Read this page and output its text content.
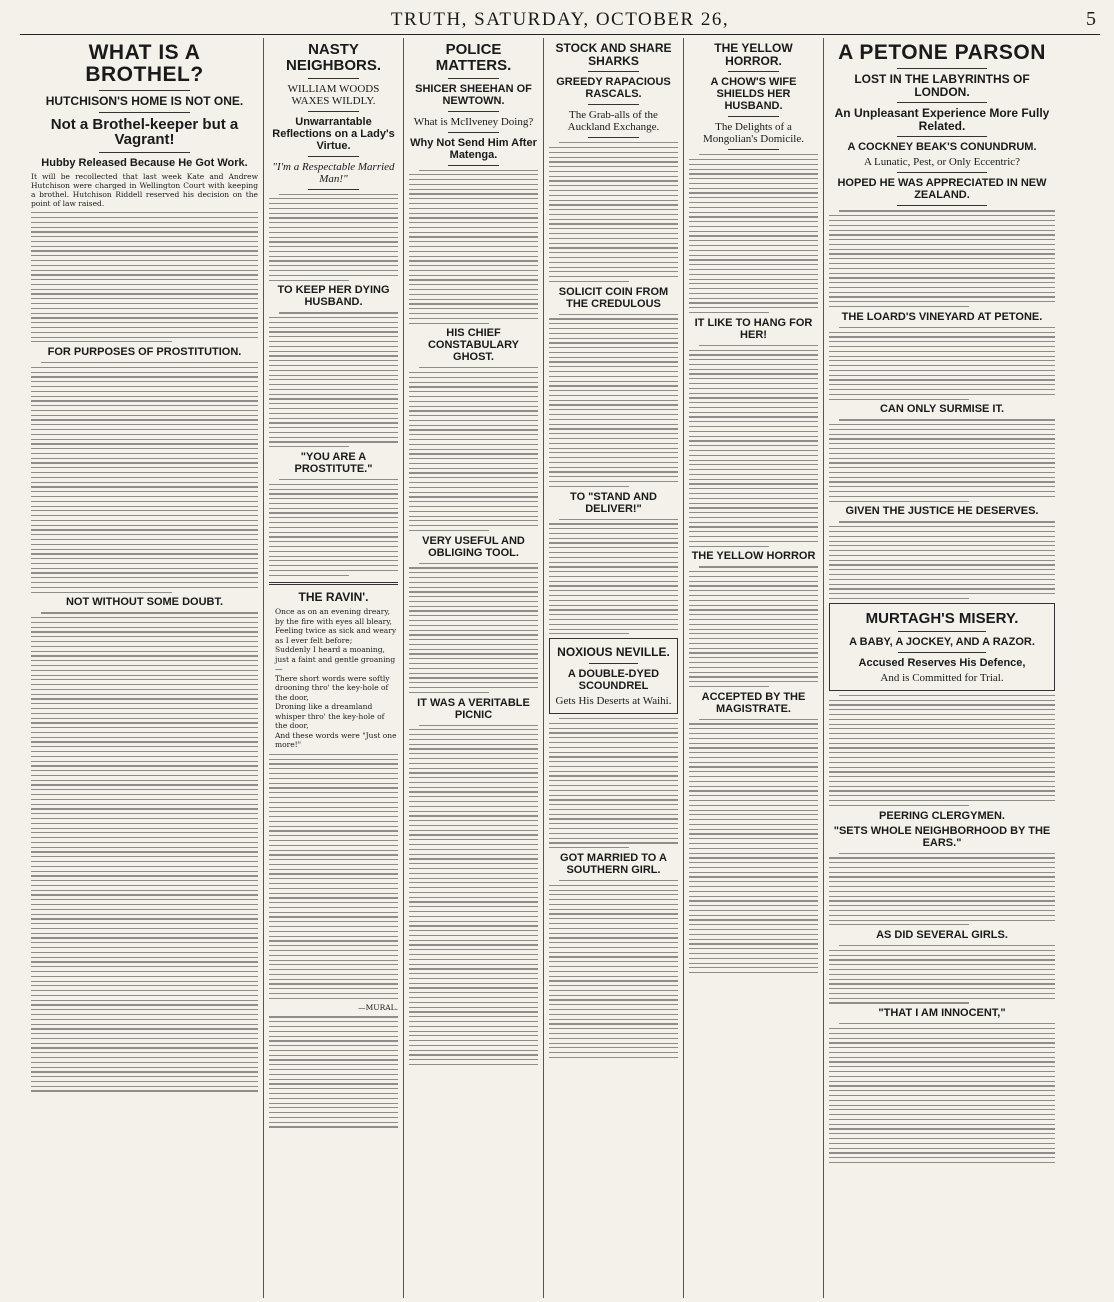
TRUTH, SATURDAY, OCTOBER 26,	5
WHAT IS A BROTHEL?
HUTCHISON'S HOME IS NOT ONE.
Not a Brothel-keeper but a Vagrant!
Hubby Released Because He Got Work.

It will be recollected that last week Kate and Andrew Hutchison were charged in Wellington Court with keeping a brothel. Hutchison Riddell reserved his decision on the point of law raised.

FOR PURPOSES OF PROSTITUTION.
NOT WITHOUT SOME DOUBT.
NASTY NEIGHBORS.
WILLIAM WOODS WAXES WILDLY.
Unwarrantable Reflections on a Lady's Virtue.
"I'm a Respectable Married Man!"
TO KEEP HER DYING HUSBAND.
"YOU ARE A PROSTITUTE."
THE RAVIN'.
Once as on an evening dreary, by the fire with eyes all bleary,
Feeling twice as sick and weary as I ever felt before;
Suddenly I heard a moaning, just a faint and gentle groaning—
There short words were softly drooning thro' the key-hole of the door,
Droning like a dreamland whisper thro' the key-hole of the door,
And these words were "Just one more!"
—MURAL.
POLICE MATTERS.
SHICER SHEEHAN OF NEWTOWN.
What is McIlveney Doing?
Why Not Send Him After Matenga.
HIS CHIEF CONSTABULARY GHOST.
VERY USEFUL AND OBLIGING TOOL.
IT WAS A VERITABLE PICNIC
STOCK AND SHARE SHARKS
GREEDY RAPACIOUS RASCALS.
The Grab-alls of the Auckland Exchange.
SOLICIT COIN FROM THE CREDULOUS
TO "STAND AND DELIVER!"
NOXIOUS NEVILLE.
A DOUBLE-DYED SCOUNDREL
Gets His Deserts at Waihi.
GOT MARRIED TO A SOUTHERN GIRL.
THE YELLOW HORROR.
A CHOW'S WIFE SHIELDS HER HUSBAND.
The Delights of a Mongolian's Domicile.
IT LIKE TO HANG FOR HER!
THE YELLOW HORROR
ACCEPTED BY THE MAGISTRATE.
A PETONE PARSON
LOST IN THE LABYRINTHS OF LONDON.
An Unpleasant Experience More Fully Related.
A COCKNEY BEAK'S CONUNDRUM.
A Lunatic, Pest, or Only Eccentric?
HOPED HE WAS APPRECIATED IN NEW ZEALAND.
THE LOARD'S VINEYARD AT PETONE.
CAN ONLY SURMISE IT.
GIVEN THE JUSTICE HE DESERVES.
MURTAGH'S MISERY.
A BABY, A JOCKEY, AND A RAZOR.
Accused Reserves His Defence,
And is Committed for Trial.
PEERING CLERGYMEN.
"SETS WHOLE NEIGHBORHOOD BY THE EARS."
AS DID SEVERAL GIRLS.
"THAT I AM INNOCENT,"
